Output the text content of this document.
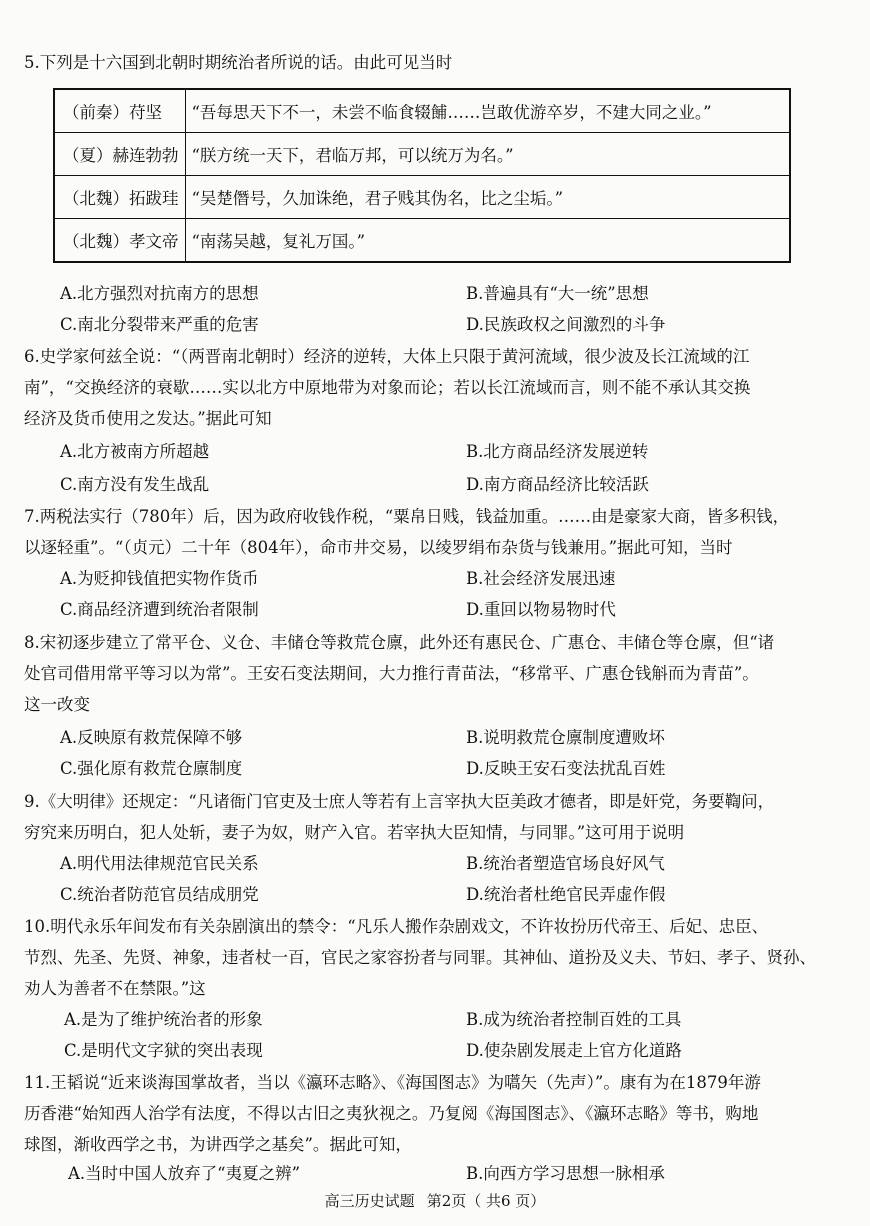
5.下列是十六国到北朝时期统治者所说的话。由此可见当时
（前秦）苻坚	“吾每思天下不一，未尝不临食辍餔……岂敢优游卒岁，不建大同之业。”
（夏）赫连勃勃	“朕方统一天下，君临万邦，可以统万为名。”
（北魏）拓跋珪	“吴楚僭号，久加诛绝，君子贱其伪名，比之尘垢。”
（北魏）孝文帝	“南荡吴越，复礼万国。”
A.北方强烈对抗南方的思想	B.普遍具有“大一统”思想
C.南北分裂带来严重的危害	D.民族政权之间激烈的斗争
6.史学家何兹全说：“（两晋南北朝时）经济的逆转，大体上只限于黄河流域，很少波及长江流域的江
南”，“交换经济的衰歇……实以北方中原地带为对象而论；若以长江流域而言，则不能不承认其交换
经济及货币使用之发达。”据此可知
A.北方被南方所超越	B.北方商品经济发展逆转
C.南方没有发生战乱	D.南方商品经济比较活跃
7.两税法实行（780年）后，因为政府收钱作税，“粟帛日贱，钱益加重。……由是豪家大商，皆多积钱，
以逐轻重”。“（贞元）二十年（804年），命市井交易，以绫罗绢布杂货与钱兼用。”据此可知，当时
A.为贬抑钱值把实物作货币	B.社会经济发展迅速
C.商品经济遭到统治者限制	D.重回以物易物时代
8.宋初逐步建立了常平仓、义仓、丰储仓等救荒仓廪，此外还有惠民仓、广惠仓、丰储仓等仓廪，但“诸
处官司借用常平等习以为常”。王安石变法期间，大力推行青苗法，“移常平、广惠仓钱斛而为青苗”。
这一改变
A.反映原有救荒保障不够	B.说明救荒仓廪制度遭败坏
C.强化原有救荒仓廪制度	D.反映王安石变法扰乱百姓
9.《大明律》还规定：“凡诸衙门官吏及士庶人等若有上言宰执大臣美政才德者，即是奸党，务要鞫问，
穷究来历明白，犯人处斩，妻子为奴，财产入官。若宰执大臣知情，与同罪。”这可用于说明
A.明代用法律规范官民关系	B.统治者塑造官场良好风气
C.统治者防范官员结成朋党	D.统治者杜绝官民弄虚作假
10.明代永乐年间发布有关杂剧演出的禁令：“凡乐人搬作杂剧戏文，不许妆扮历代帝王、后妃、忠臣、
节烈、先圣、先贤、神象，违者杖一百，官民之家容扮者与同罪。其神仙、道扮及义夫、节妇、孝子、贤孙、
劝人为善者不在禁限。”这
A.是为了维护统治者的形象	B.成为统治者控制百姓的工具
C.是明代文字狱的突出表现	D.使杂剧发展走上官方化道路
11.王韬说“近来谈海国掌故者，当以《瀛环志略》、《海国图志》为嚆矢（先声）”。康有为在1879年游
历香港“始知西人治学有法度，不得以古旧之夷狄视之。乃复阅《海国图志》、《瀛环志略》等书，购地
球图，渐收西学之书，为讲西学之基矣”。据此可知，
A.当时中国人放弃了“夷夏之辨”	B.向西方学习思想一脉相承
高三历史试题 第2页（ 共6 页）
